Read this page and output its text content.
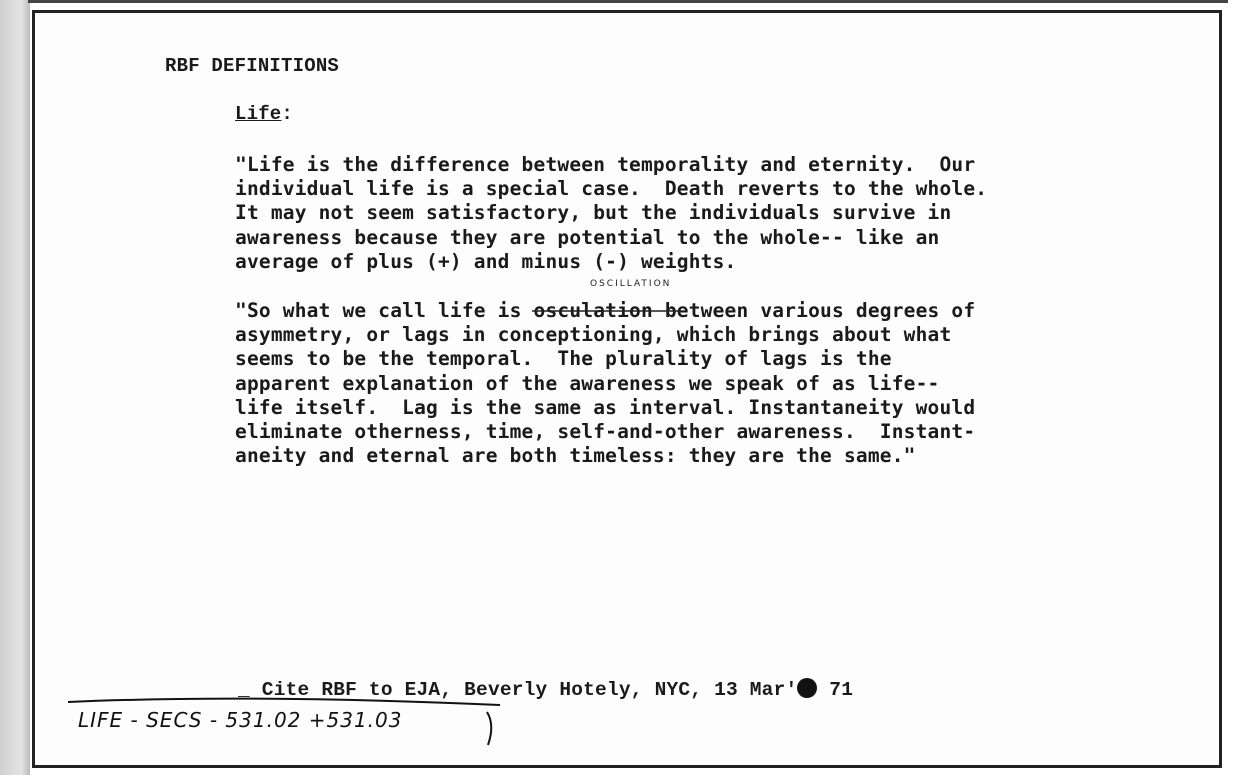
RBF DEFINITIONS
Life:
"Life is the difference between temporality and eternity.  Our
individual life is a special case.  Death reverts to the whole.
It may not seem satisfactory, but the individuals survive in
awareness because they are potential to the whole-- like an
average of plus (+) and minus (-) weights.
OSCILLATION
"So what we call life is osculation between various degrees of
asymmetry, or lags in conceptioning, which brings about what
seems to be the temporal.  The plurality of lags is the
apparent explanation of the awareness we speak of as life--
life itself.  Lag is the same as interval. Instantaneity would
eliminate otherness, time, self-and-other awareness.  Instant-
aneity and eternal are both timeless: they are the same."
_ Cite RBF to EJA, Beverly Hotely, NYC, 13 Mar' 71
LIFE - SECS - 531.02 +531.03
